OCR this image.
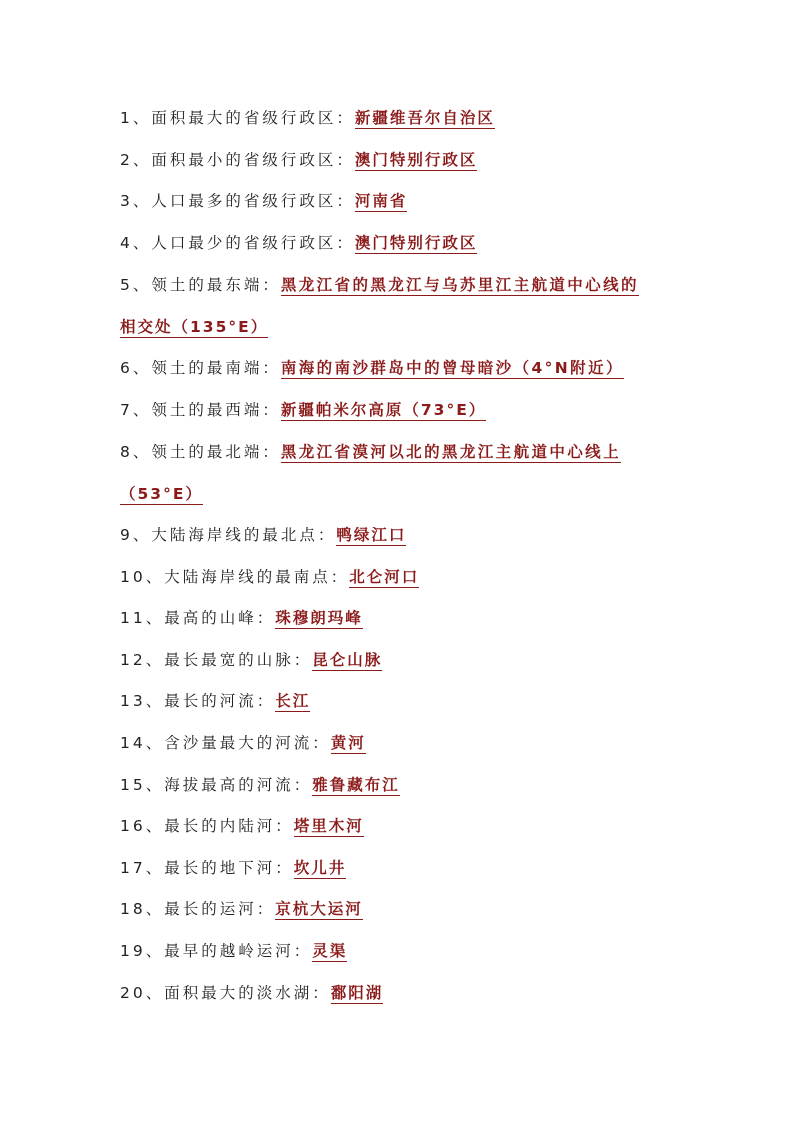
1、面积最大的省级行政区：新疆维吾尔自治区
2、面积最小的省级行政区：澳门特别行政区
3、人口最多的省级行政区：河南省
4、人口最少的省级行政区：澳门特别行政区
5、领土的最东端：黑龙江省的黑龙江与乌苏里江主航道中心线的
相交处（135°E）
6、领土的最南端：南海的南沙群岛中的曾母暗沙（4°N附近）
7、领土的最西端：新疆帕米尔高原（73°E）
8、领土的最北端：黑龙江省漠河以北的黑龙江主航道中心线上
（53°E）
9、大陆海岸线的最北点：鸭绿江口
10、大陆海岸线的最南点：北仑河口
11、最高的山峰：珠穆朗玛峰
12、最长最宽的山脉：昆仑山脉
13、最长的河流：长江
14、含沙量最大的河流：黄河
15、海拔最高的河流：雅鲁藏布江
16、最长的内陆河：塔里木河
17、最长的地下河：坎儿井
18、最长的运河：京杭大运河
19、最早的越岭运河：灵渠
20、面积最大的淡水湖：鄱阳湖
